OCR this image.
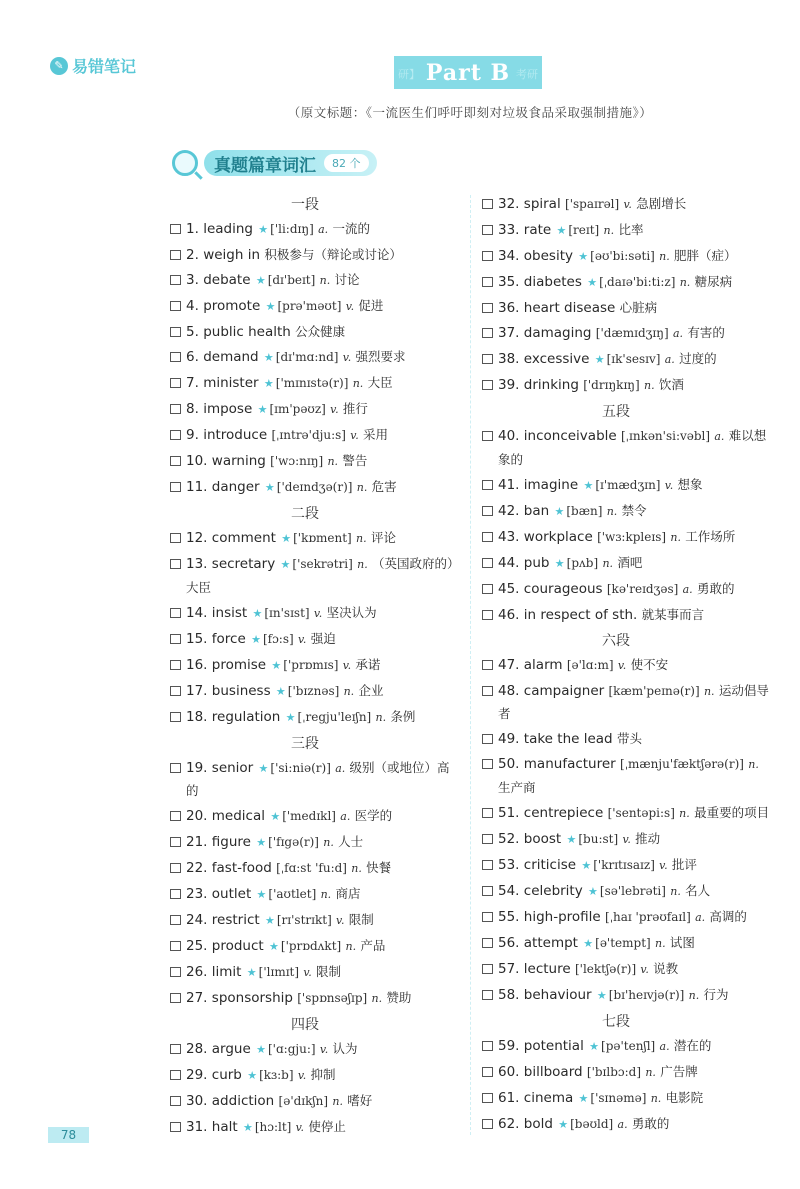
✎ 易错笔记	研】 Part B 考研
（原文标题：《一流医生们呼吁即刻对垃圾食品采取强制措施》）
真题篇章词汇	82 个
一段
1. leading ★ ['li:dɪŋ] a. 一流的
2. weigh in 积极参与（辩论或讨论）
3. debate ★ [dɪ'beɪt] n. 讨论
4. promote ★ [prə'məʊt] v. 促进
5. public health 公众健康
6. demand ★ [dɪ'mɑ:nd] v. 强烈要求
7. minister ★ ['mɪnɪstə(r)] n. 大臣
8. impose ★ [ɪm'pəʊz] v. 推行
9. introduce [ˌɪntrə'dju:s] v. 采用
10. warning ['wɔ:nɪŋ] n. 警告
11. danger ★ ['deɪndʒə(r)] n. 危害
二段
12. comment ★ ['kɒment] n. 评论
13. secretary ★ ['sekrətri] n. （英国政府的）大臣
14. insist ★ [ɪn'sɪst] v. 坚决认为
15. force ★ [fɔ:s] v. 强迫
16. promise ★ ['prɒmɪs] v. 承诺
17. business ★ ['bɪznəs] n. 企业
18. regulation ★ [ˌregju'leɪʃn] n. 条例
三段
19. senior ★ ['si:niə(r)] a. 级别（或地位）高的
20. medical ★ ['medɪkl] a. 医学的
21. figure ★ ['fɪgə(r)] n. 人士
22. fast-food [ˌfɑ:st 'fu:d] n. 快餐
23. outlet ★ ['aʊtlet] n. 商店
24. restrict ★ [rɪ'strɪkt] v. 限制
25. product ★ ['prɒdʌkt] n. 产品
26. limit ★ ['lɪmɪt] v. 限制
27. sponsorship ['spɒnsəʃɪp] n. 赞助
四段
28. argue ★ ['ɑ:gju:] v. 认为
29. curb ★ [kɜ:b] v. 抑制
30. addiction [ə'dɪkʃn] n. 嗜好
31. halt ★ [hɔ:lt] v. 使停止
32. spiral ['spaɪrəl] v. 急剧增长
33. rate ★ [reɪt] n. 比率
34. obesity ★ [əʊ'bi:səti] n. 肥胖（症）
35. diabetes ★ [ˌdaɪə'bi:ti:z] n. 糖尿病
36. heart disease 心脏病
37. damaging ['dæmɪdʒɪŋ] a. 有害的
38. excessive ★ [ɪk'sesɪv] a. 过度的
39. drinking ['drɪŋkɪŋ] n. 饮酒
五段
40. inconceivable [ˌɪnkən'si:vəbl] a. 难以想象的
41. imagine ★ [ɪ'mædʒɪn] v. 想象
42. ban ★ [bæn] n. 禁令
43. workplace ['wɜ:kpleɪs] n. 工作场所
44. pub ★ [pʌb] n. 酒吧
45. courageous [kə'reɪdʒəs] a. 勇敢的
46. in respect of sth. 就某事而言
六段
47. alarm [ə'lɑ:m] v. 使不安
48. campaigner [kæm'peɪnə(r)] n. 运动倡导者
49. take the lead 带头
50. manufacturer [ˌmænju'fæktʃərə(r)] n. 生产商
51. centrepiece ['sentəpi:s] n. 最重要的项目
52. boost ★ [bu:st] v. 推动
53. criticise ★ ['krɪtɪsaɪz] v. 批评
54. celebrity ★ [sə'lebrəti] n. 名人
55. high-profile [ˌhaɪ 'prəʊfaɪl] a. 高调的
56. attempt ★ [ə'tempt] n. 试图
57. lecture ['lektʃə(r)] v. 说教
58. behaviour ★ [bɪ'heɪvjə(r)] n. 行为
七段
59. potential ★ [pə'tenʃl] a. 潜在的
60. billboard ['bɪlbɔ:d] n. 广告牌
61. cinema ★ ['sɪnəmə] n. 电影院
62. bold ★ [bəʊld] a. 勇敢的
78
